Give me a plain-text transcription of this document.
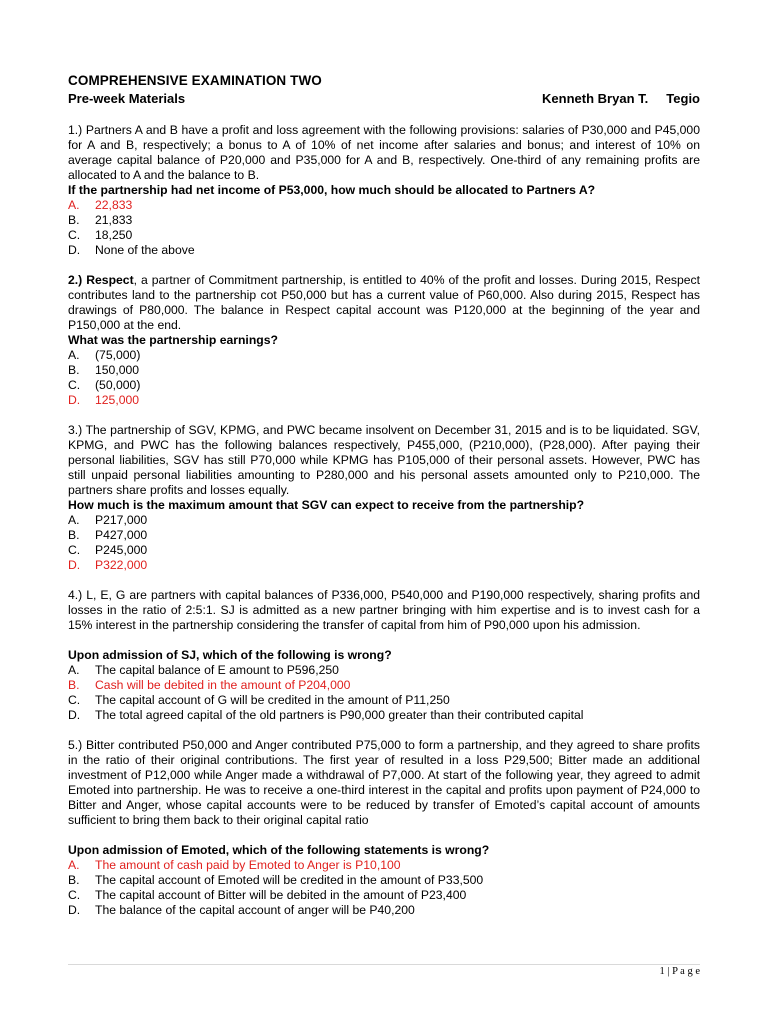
COMPREHENSIVE EXAMINATION TWO
Pre-week Materials	Kenneth Bryan T. Tegio

1.) Partners A and B have a profit and loss agreement with the following provisions: salaries of P30,000 and P45,000 for A and B, respectively; a bonus to A of 10% of net income after salaries and bonus; and interest of 10% on average capital balance of P20,000 and P35,000 for A and B, respectively. One-third of any remaining profits are allocated to A and the balance to B.

If the partnership had net income of P53,000, how much should be allocated to Partners A?
A.	22,833
B.	21,833
C.	18,250
D.	None of the above

2.) Respect, a partner of Commitment partnership, is entitled to 40% of the profit and losses. During 2015, Respect contributes land to the partnership cot P50,000 but has a current value of P60,000. Also during 2015, Respect has drawings of P80,000. The balance in Respect capital account was P120,000 at the beginning of the year and P150,000 at the end.

What was the partnership earnings?
A.	(75,000)
B.	150,000
C.	(50,000)
D.	125,000

3.) The partnership of SGV, KPMG, and PWC became insolvent on December 31, 2015 and is to be liquidated. SGV, KPMG, and PWC has the following balances respectively, P455,000, (P210,000), (P28,000). After paying their personal liabilities, SGV has still P70,000 while KPMG has P105,000 of their personal assets. However, PWC has still unpaid personal liabilities amounting to P280,000 and his personal assets amounted only to P210,000. The partners share profits and losses equally.

How much is the maximum amount that SGV can expect to receive from the partnership?
A.	P217,000
B.	P427,000
C.	P245,000
D.	P322,000

4.) L, E, G are partners with capital balances of P336,000, P540,000 and P190,000 respectively, sharing profits and losses in the ratio of 2:5:1. SJ is admitted as a new partner bringing with him expertise and is to invest cash for a 15% interest in the partnership considering the transfer of capital from him of P90,000 upon his admission.

Upon admission of SJ, which of the following is wrong?

A.	The capital balance of E amount to P596,250
B.	Cash will be debited in the amount of P204,000
C.	The capital account of G will be credited in the amount of P11,250
D.	The total agreed capital of the old partners is P90,000 greater than their contributed capital

5.) Bitter contributed P50,000 and Anger contributed P75,000 to form a partnership, and they agreed to share profits in the ratio of their original contributions. The first year of resulted in a loss P29,500; Bitter made an additional investment of P12,000 while Anger made a withdrawal of P7,000. At start of the following year, they agreed to admit Emoted into partnership. He was to receive a one-third interest in the capital and profits upon payment of P24,000 to Bitter and Anger, whose capital accounts were to be reduced by transfer of Emoted’s capital account of amounts sufficient to bring them back to their original capital ratio

Upon admission of Emoted, which of the following statements is wrong?

A.	The amount of cash paid by Emoted to Anger is P10,100
B.	The capital account of Emoted will be credited in the amount of P33,500
C.	The capital account of Bitter will be debited in the amount of P23,400
D.	The balance of the capital account of anger will be P40,200
1 | P a g e
